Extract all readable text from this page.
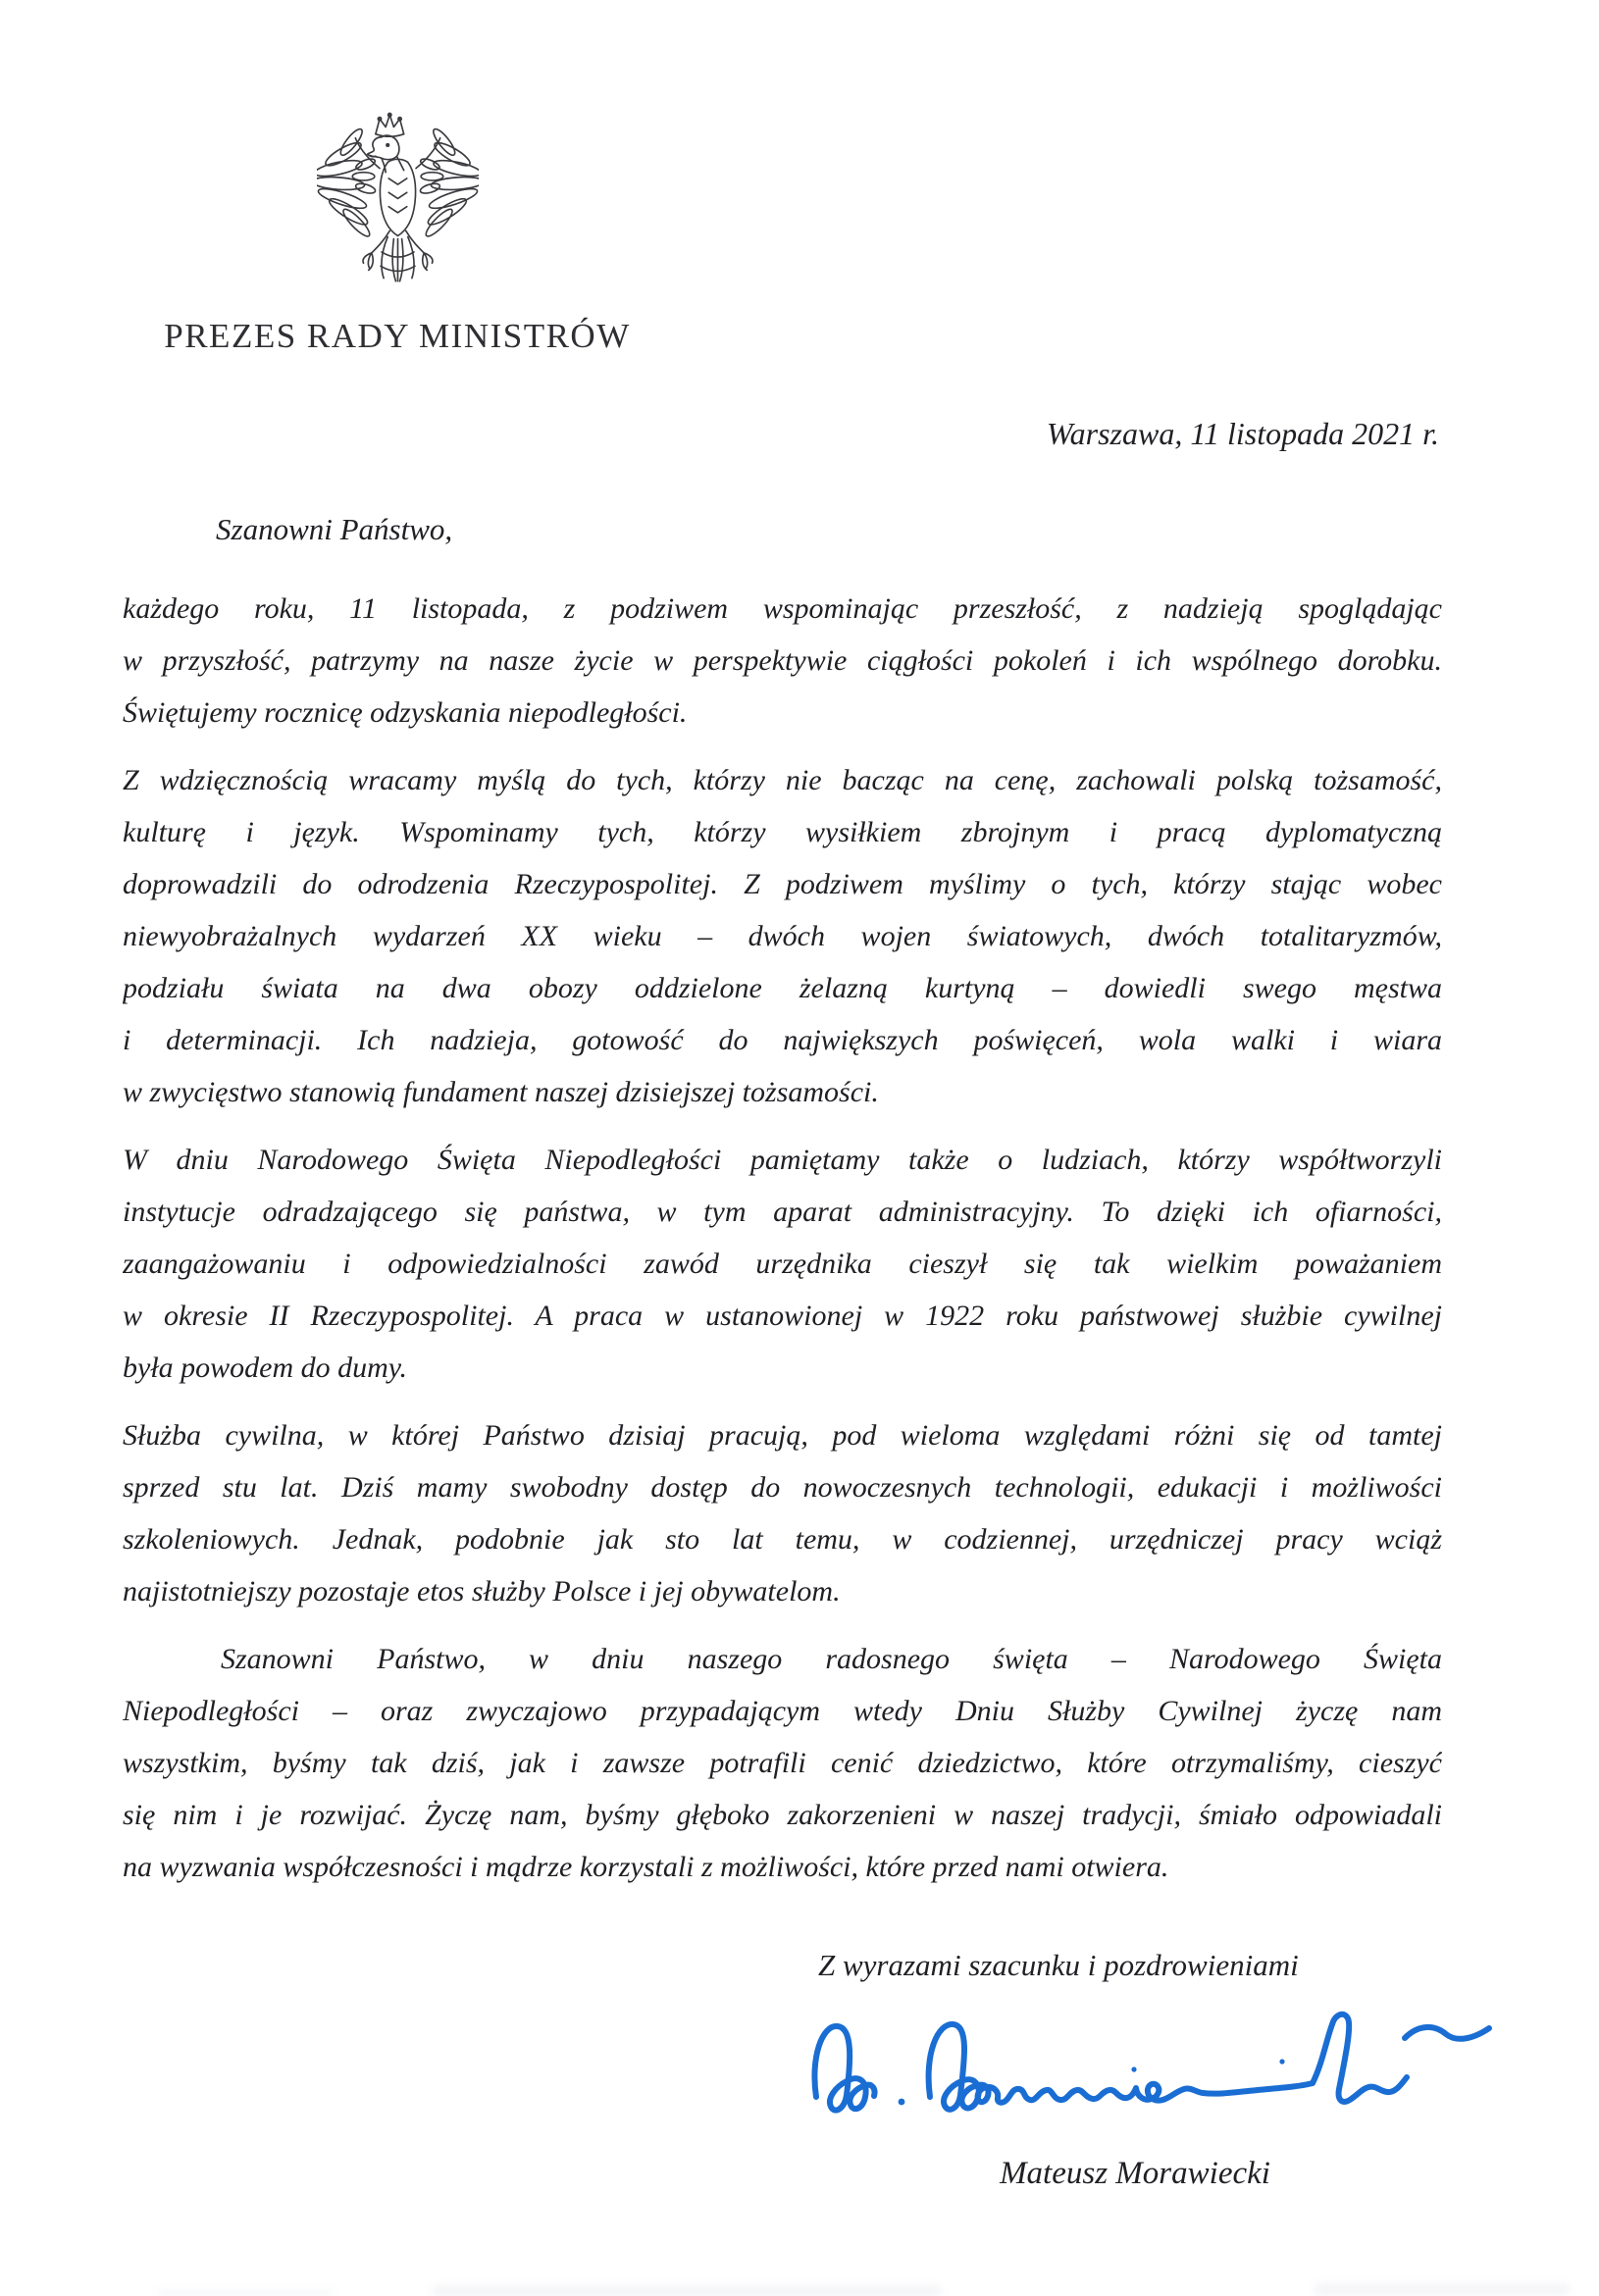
PREZES RADY MINISTRÓW
Warszawa, 11 listopada 2021 r.
Szanowni Państwo,
każdego roku, 11 listopada, z podziwem wspominając przeszłość, z nadzieją spoglądając
w przyszłość, patrzymy na nasze życie w perspektywie ciągłości pokoleń i ich wspólnego dorobku.
Świętujemy rocznicę odzyskania niepodległości.
Z wdzięcznością wracamy myślą do tych, którzy nie bacząc na cenę, zachowali polską tożsamość,
kulturę i język. Wspominamy tych, którzy wysiłkiem zbrojnym i pracą dyplomatyczną
doprowadzili do odrodzenia Rzeczypospolitej. Z podziwem myślimy o tych, którzy stając wobec
niewyobrażalnych wydarzeń XX wieku – dwóch wojen światowych, dwóch totalitaryzmów,
podziału świata na dwa obozy oddzielone żelazną kurtyną – dowiedli swego męstwa
i determinacji. Ich nadzieja, gotowość do największych poświęceń, wola walki i wiara
w zwycięstwo stanowią fundament naszej dzisiejszej tożsamości.
W dniu Narodowego Święta Niepodległości pamiętamy także o ludziach, którzy współtworzyli
instytucje odradzającego się państwa, w tym aparat administracyjny. To dzięki ich ofiarności,
zaangażowaniu i odpowiedzialności zawód urzędnika cieszył się tak wielkim poważaniem
w okresie II Rzeczypospolitej. A praca w ustanowionej w 1922 roku państwowej służbie cywilnej
była powodem do dumy.
Służba cywilna, w której Państwo dzisiaj pracują, pod wieloma względami różni się od tamtej
sprzed stu lat. Dziś mamy swobodny dostęp do nowoczesnych technologii, edukacji i możliwości
szkoleniowych. Jednak, podobnie jak sto lat temu, w codziennej, urzędniczej pracy wciąż
najistotniejszy pozostaje etos służby Polsce i jej obywatelom.
Szanowni Państwo, w dniu naszego radosnego święta – Narodowego Święta
Niepodległości – oraz zwyczajowo przypadającym wtedy Dniu Służby Cywilnej życzę nam
wszystkim, byśmy tak dziś, jak i zawsze potrafili cenić dziedzictwo, które otrzymaliśmy, cieszyć
się nim i je rozwijać. Życzę nam, byśmy głęboko zakorzenieni w naszej tradycji, śmiało odpowiadali
na wyzwania współczesności i mądrze korzystali z możliwości, które przed nami otwiera.
Z wyrazami szacunku i pozdrowieniami
Mateusz Morawiecki
